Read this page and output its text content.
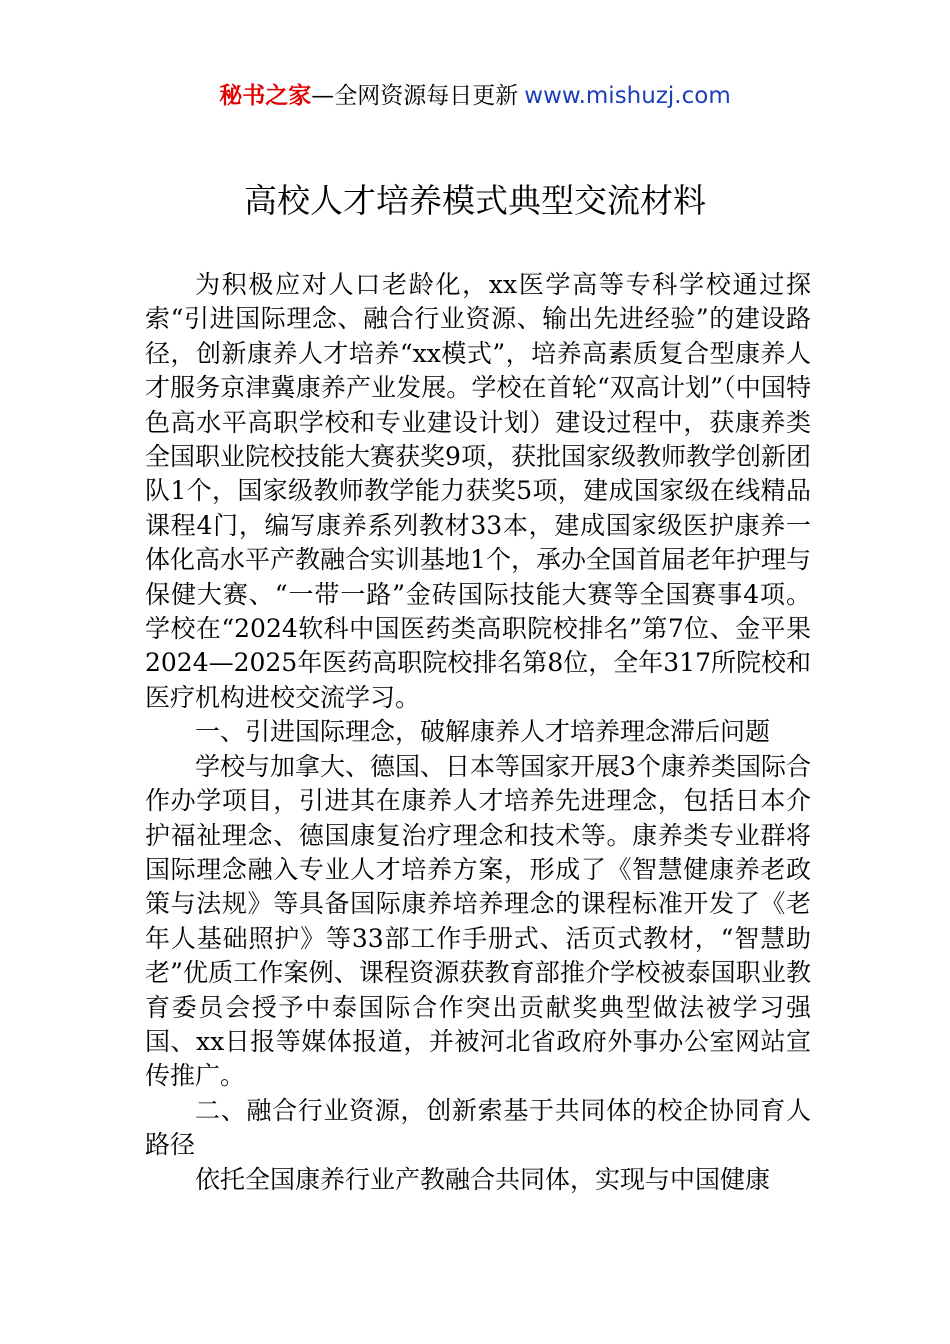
秘书之家—全网资源每日更新 www.mishuzj.com
高校人才培养模式典型交流材料

为积极应对人口老龄化，xx医学高等专科学校通过探索“引进国际理念、融合行业资源、输出先进经验”的建设路径，创新康养人才培养“xx模式”，培养高素质复合型康养人才服务京津冀康养产业发展。学校在首轮“双高计划”（中国特色高水平高职学校和专业建设计划）建设过程中，获康养类全国职业院校技能大赛获奖9项，获批国家级教师教学创新团队1个，国家级教师教学能力获奖5项，建成国家级在线精品课程4门，编写康养系列教材33本，建成国家级医护康养一体化高水平产教融合实训基地1个，承办全国首届老年护理与保健大赛、“一带一路”金砖国际技能大赛等全国赛事4项。学校在“2024软科中国医药类高职院校排名”第7位、金平果2024—2025年医药高职院校排名第8位，全年317所院校和医疗机构进校交流学习。

一、引进国际理念，破解康养人才培养理念滞后问题

学校与加拿大、德国、日本等国家开展3个康养类国际合作办学项目，引进其在康养人才培养先进理念，包括日本介护福祉理念、德国康复治疗理念和技术等。康养类专业群将国际理念融入专业人才培养方案，形成了《智慧健康养老政策与法规》等具备国际康养培养理念的课程标准开发了《老年人基础照护》等33部工作手册式、活页式教材，“智慧助老”优质工作案例、课程资源获教育部推介学校被泰国职业教育委员会授予中泰国际合作突出贡献奖典型做法被学习强国、xx日报等媒体报道，并被河北省政府外事办公室网站宣传推广。

二、融合行业资源，创新索基于共同体的校企协同育人路径

依托全国康养行业产教融合共同体，实现与中国健康
